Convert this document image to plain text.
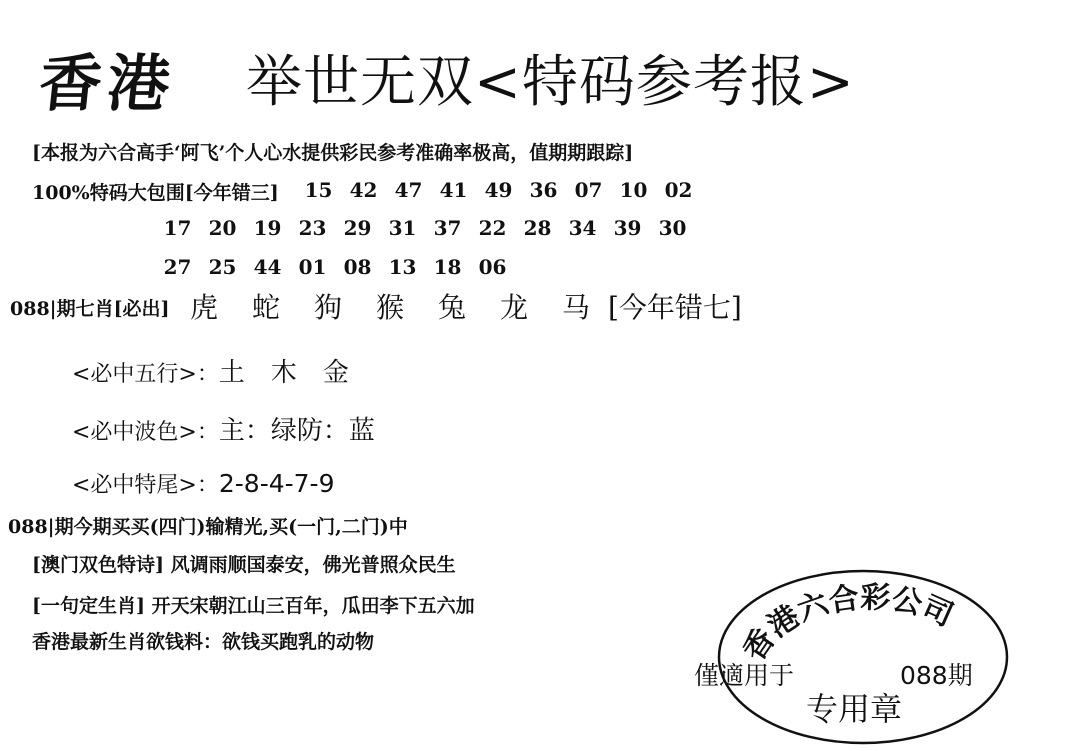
香港 举世无双<特码参考报>
[本报为六合高手‘阿飞’个人心水提供彩民参考准确率极高，值期期跟踪]
100%特码大包围[今年错三]	15 42 47 41 49 36 07 10 02
17 20 19 23 29 31 37 22 28 34 39 30
27 25 44 01 08 13 18 06
088|期七肖[必出] 虎	蛇	狗	猴	兔	龙	马 [今年错七]
<必中五行>：土　木　金
<必中波色>：主：绿防：蓝
<必中特尾>：2-8-4-7-9
088|期今期买买(四门)输精光,买(一门,二门)中
[澳门双色特诗] 风调雨顺国泰安，佛光普照众民生
[一句定生肖] 开天宋朝江山三百年，瓜田李下五六加
香港最新生肖欲钱料：欲钱买跑乳的动物	香港六合彩公司
僅適用于	088期
专用章
